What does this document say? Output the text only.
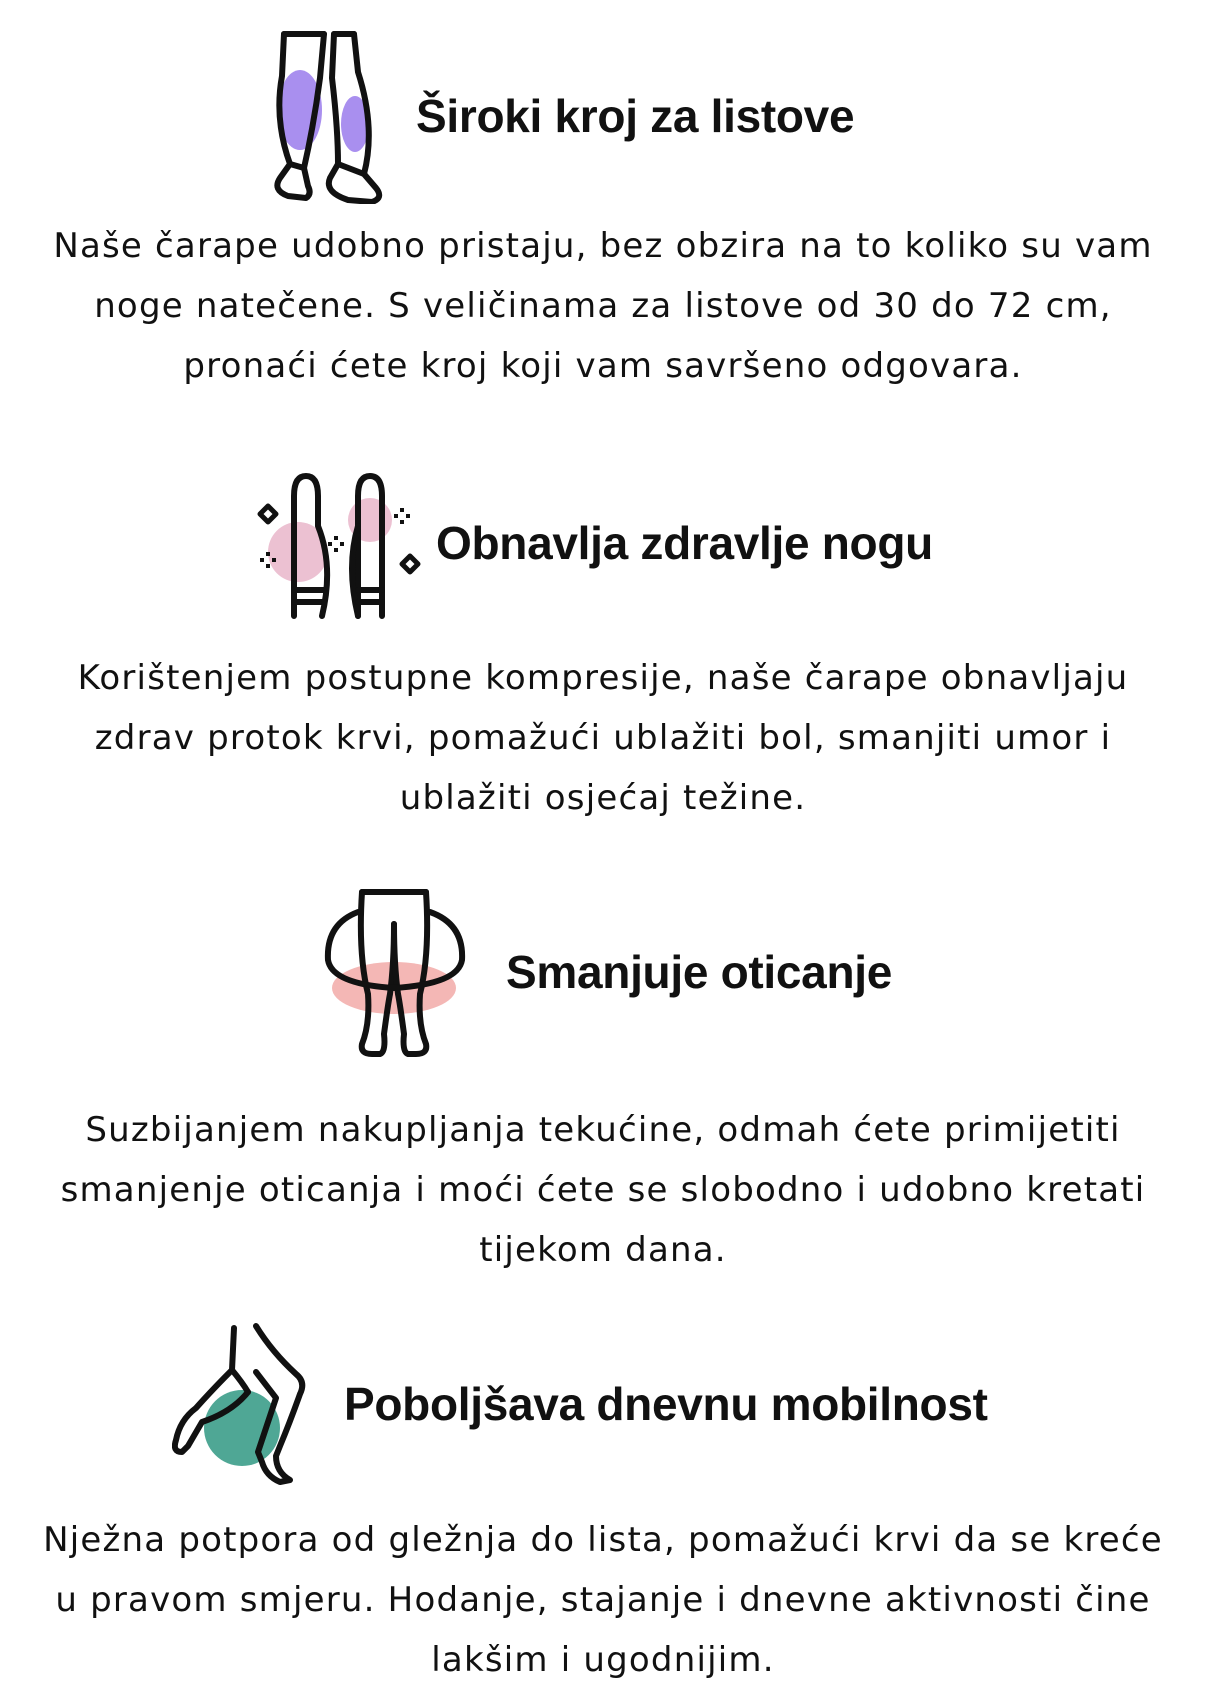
Široki kroj za listove

Naše čarape udobno pristaju, bez obzira na to koliko su vam
noge natečene. S veličinama za listove od 30 do 72 cm,
pronaći ćete kroj koji vam savršeno odgovara.

Obnavlja zdravlje nogu

Korištenjem postupne kompresije, naše čarape obnavljaju
zdrav protok krvi, pomažući ublažiti bol, smanjiti umor i
ublažiti osjećaj težine.

Smanjuje oticanje

Suzbijanjem nakupljanja tekućine, odmah ćete primijetiti
smanjenje oticanja i moći ćete se slobodno i udobno kretati
tijekom dana.

Poboljšava dnevnu mobilnost

Nježna potpora od gležnja do lista, pomažući krvi da se kreće
u pravom smjeru. Hodanje, stajanje i dnevne aktivnosti čine
lakšim i ugodnijim.
